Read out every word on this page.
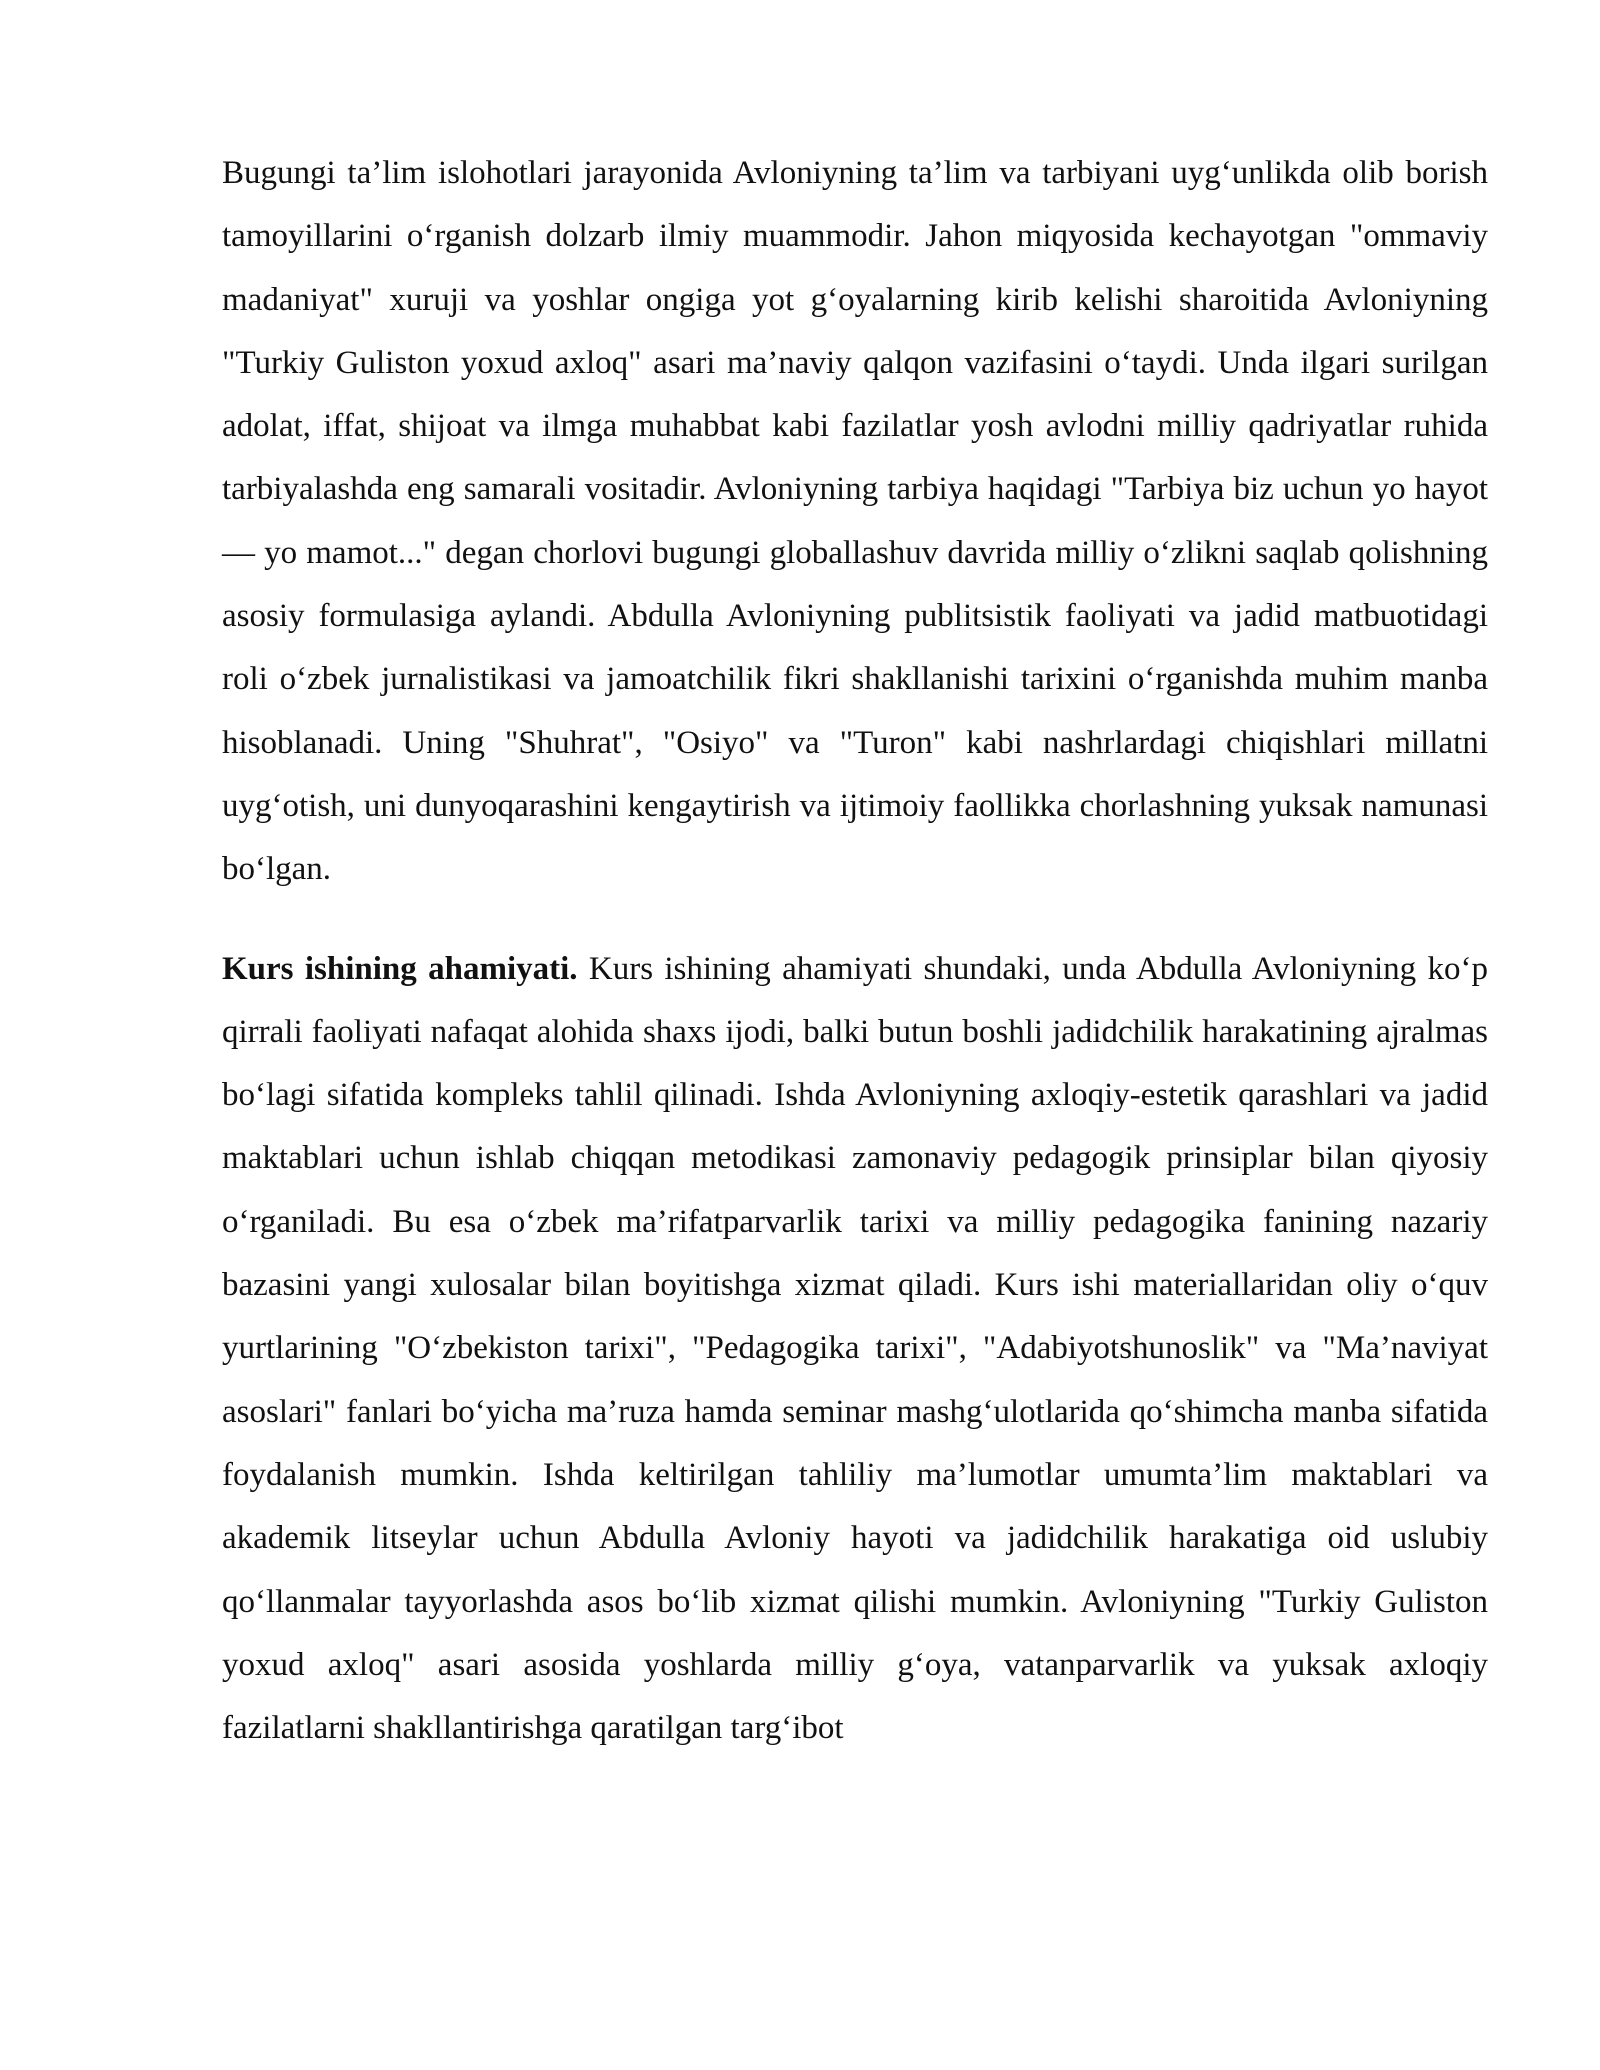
Bugungi ta’lim islohotlari jarayonida Avloniyning ta’lim va tarbiyani uyg‘unlikda olib borish tamoyillarini o‘rganish dolzarb ilmiy muammodir. Jahon miqyosida kechayotgan "ommaviy madaniyat" xuruji va yoshlar ongiga yot g‘oyalarning kirib kelishi sharoitida Avloniyning "Turkiy Guliston yoxud axloq" asari ma’naviy qalqon vazifasini o‘taydi. Unda ilgari surilgan adolat, iffat, shijoat va ilmga muhabbat kabi fazilatlar yosh avlodni milliy qadriyatlar ruhida tarbiyalashda eng samarali vositadir. Avloniyning tarbiya haqidagi "Tarbiya biz uchun yo hayot — yo mamot..." degan chorlovi bugungi globallashuv davrida milliy o‘zlikni saqlab qolishning asosiy formulasiga aylandi. Abdulla Avloniyning publitsistik faoliyati va jadid matbuotidagi roli o‘zbek jurnalistikasi va jamoatchilik fikri shakllanishi tarixini o‘rganishda muhim manba hisoblanadi. Uning "Shuhrat", "Osiyo" va "Turon" kabi nashrlardagi chiqishlari millatni uyg‘otish, uni dunyoqarashini kengaytirish va ijtimoiy faollikka chorlashning yuksak namunasi bo‘lgan.

Kurs ishining ahamiyati. Kurs ishining ahamiyati shundaki, unda Abdulla Avloniyning ko‘p qirrali faoliyati nafaqat alohida shaxs ijodi, balki butun boshli jadidchilik harakatining ajralmas bo‘lagi sifatida kompleks tahlil qilinadi. Ishda Avloniyning axloqiy-estetik qarashlari va jadid maktablari uchun ishlab chiqqan metodikasi zamonaviy pedagogik prinsiplar bilan qiyosiy o‘rganiladi. Bu esa o‘zbek ma’rifatparvarlik tarixi va milliy pedagogika fanining nazariy bazasini yangi xulosalar bilan boyitishga xizmat qiladi. Kurs ishi materiallaridan oliy o‘quv yurtlarining "O‘zbekiston tarixi", "Pedagogika tarixi", "Adabiyotshunoslik" va "Ma’naviyat asoslari" fanlari bo‘yicha ma’ruza hamda seminar mashg‘ulotlarida qo‘shimcha manba sifatida foydalanish mumkin. Ishda keltirilgan tahliliy ma’lumotlar umumta’lim maktablari va akademik litseylar uchun Abdulla Avloniy hayoti va jadidchilik harakatiga oid uslubiy qo‘llanmalar tayyorlashda asos bo‘lib xizmat qilishi mumkin. Avloniyning "Turkiy Guliston yoxud axloq" asari asosida yoshlarda milliy g‘oya, vatanparvarlik va yuksak axloqiy fazilatlarni shakllantirishga qaratilgan targ‘ibot
